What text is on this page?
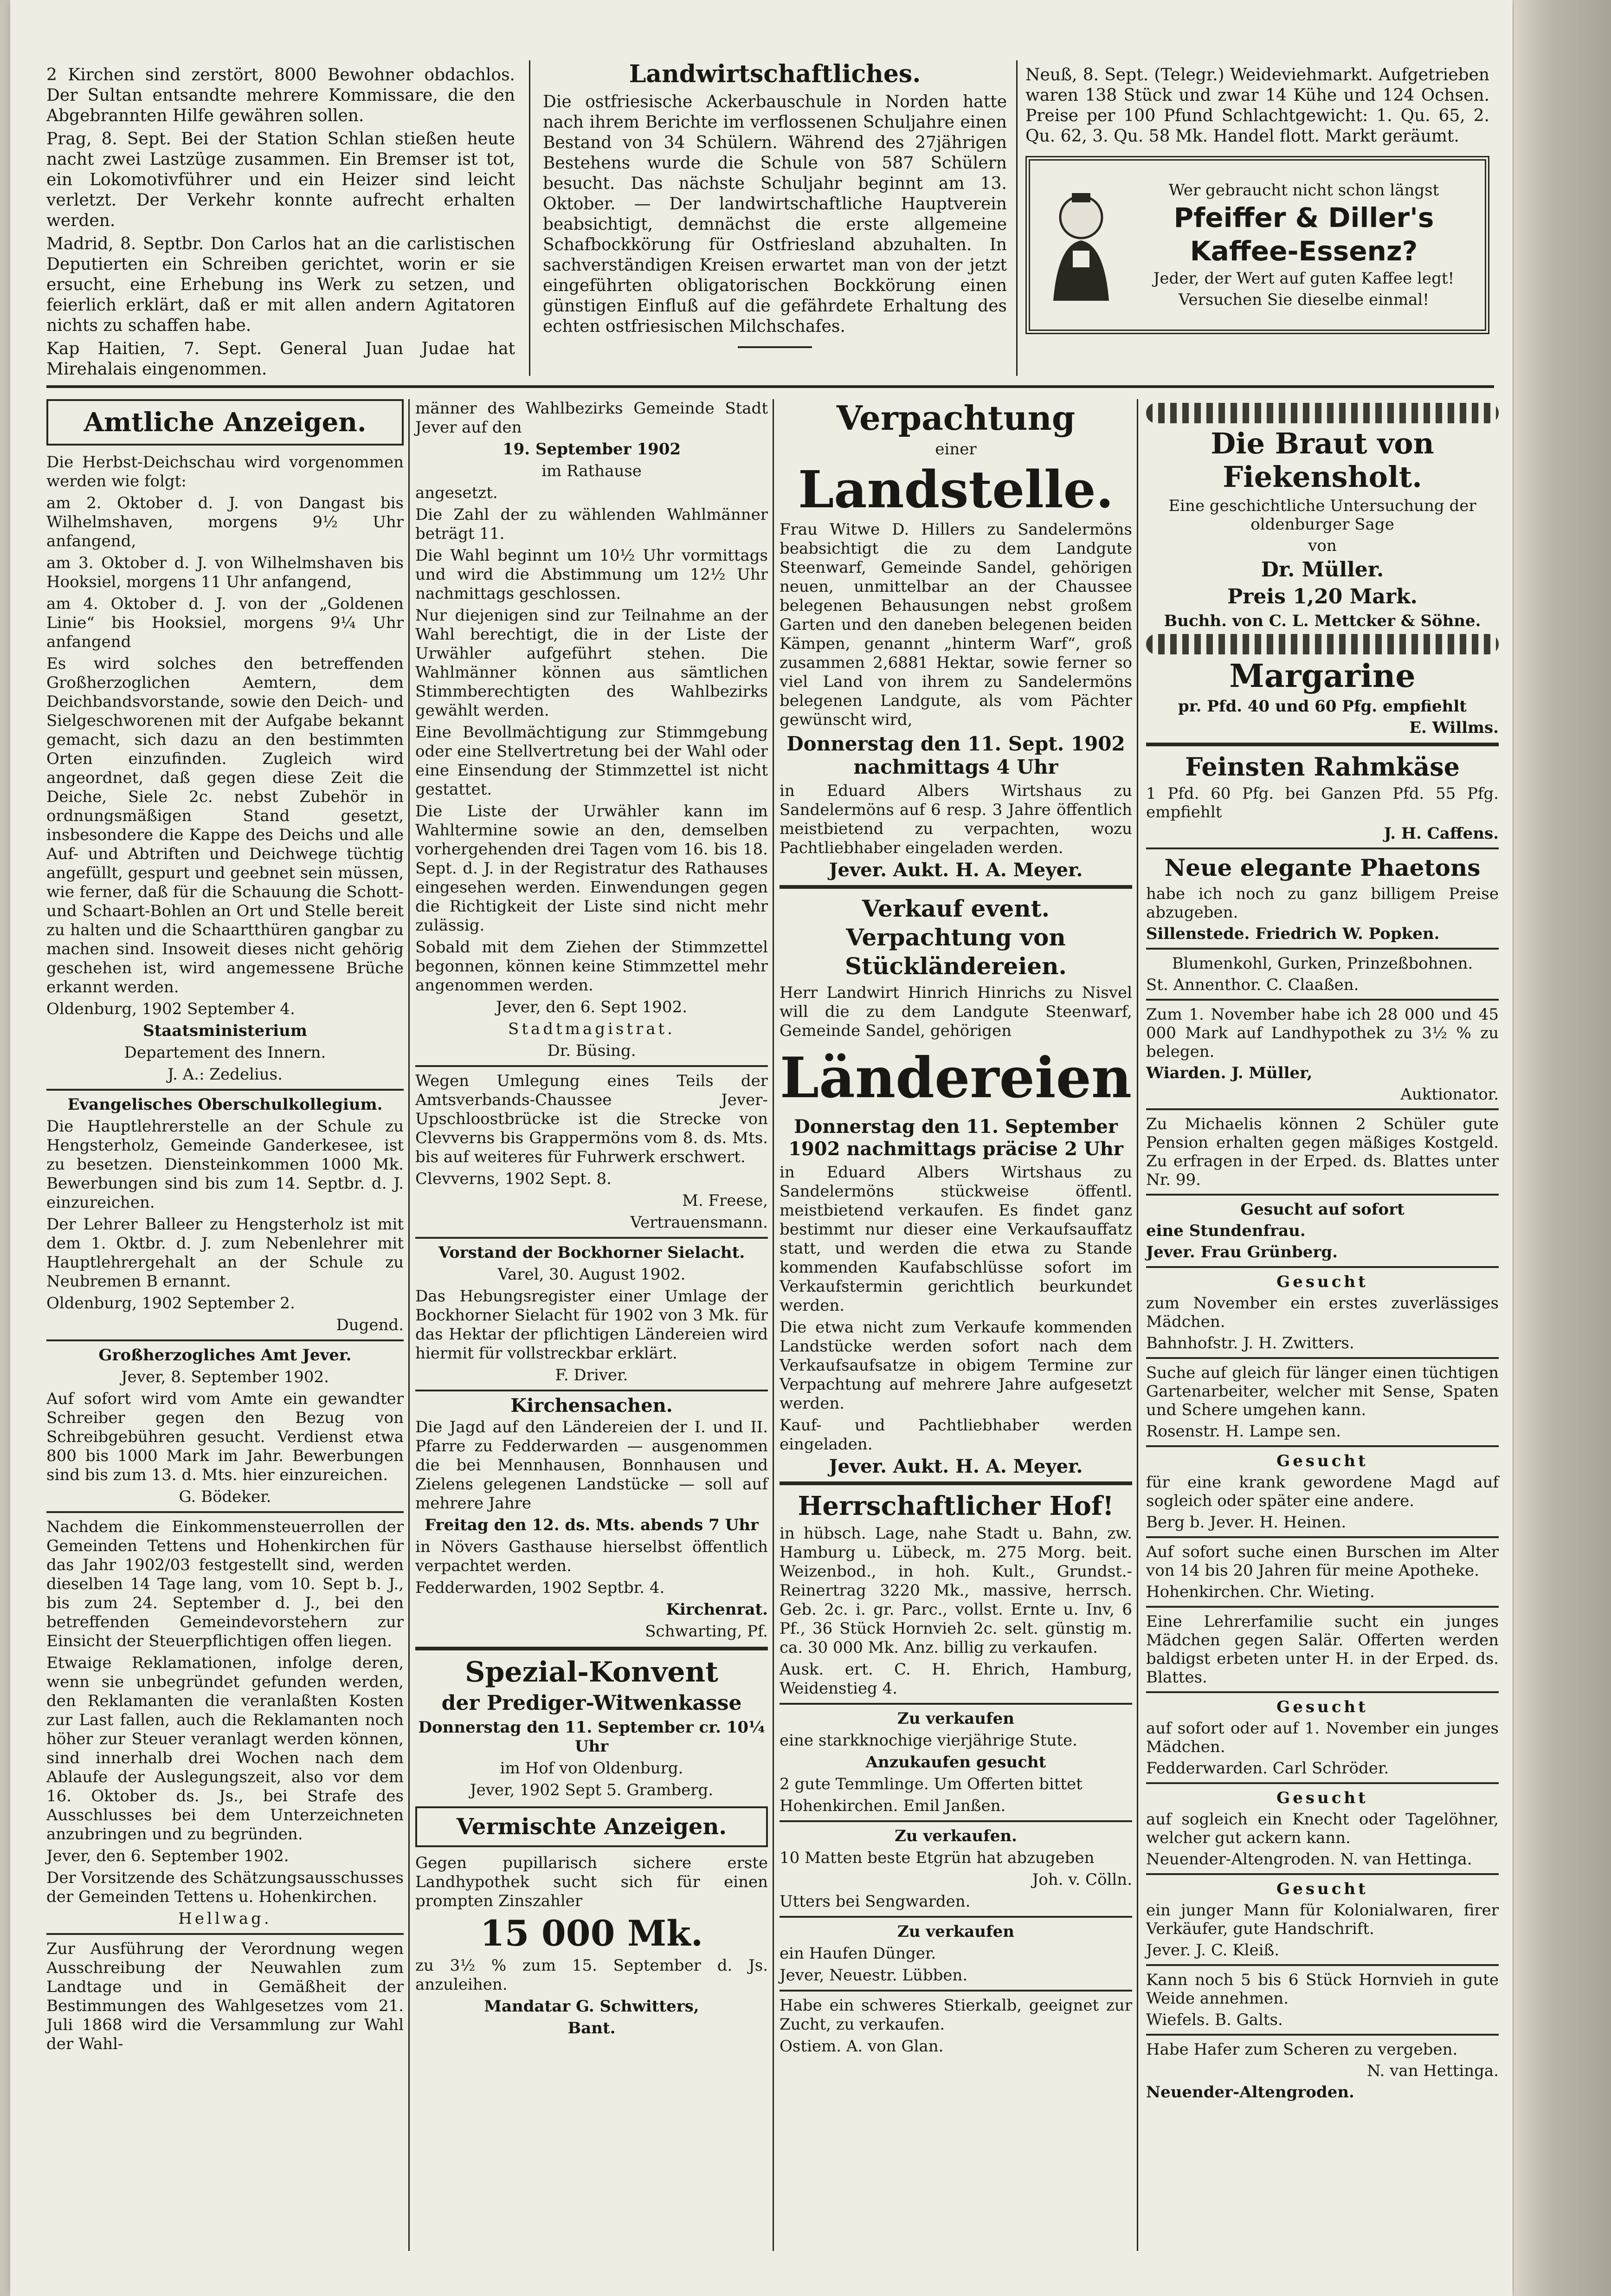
2 Kirchen sind zerstört, 8000 Bewohner obdachlos. Der Sultan entsandte mehrere Kommissare, die den Abgebrannten Hilfe gewähren sollen.

Prag, 8. Sept. Bei der Station Schlan stießen heute nacht zwei Lastzüge zusammen. Ein Bremser ist tot, ein Lokomotivführer und ein Heizer sind leicht verletzt. Der Verkehr konnte aufrecht erhalten werden.

Madrid, 8. Septbr. Don Carlos hat an die carlistischen Deputierten ein Schreiben gerichtet, worin er sie ersucht, eine Erhebung ins Werk zu setzen, und feierlich erklärt, daß er mit allen andern Agitatoren nichts zu schaffen habe.

Kap Haitien, 7. Sept. General Juan Judae hat Mirehalais eingenommen.

Landwirtschaftliches.

Die ostfriesische Ackerbauschule in Norden hatte nach ihrem Berichte im verflossenen Schuljahre einen Bestand von 34 Schülern. Während des 27jährigen Bestehens wurde die Schule von 587 Schülern besucht. Das nächste Schuljahr beginnt am 13. Oktober. — Der landwirtschaftliche Hauptverein beabsichtigt, demnächst die erste allgemeine Schafbockkörung für Ostfriesland abzuhalten. In sachverständigen Kreisen erwartet man von der jetzt eingeführten obligatorischen Bockkörung einen günstigen Einfluß auf die gefährdete Erhaltung des echten ostfriesischen Milchschafes.

Neuß, 8. Sept. (Telegr.) Weideviehmarkt. Aufgetrieben waren 138 Stück und zwar 14 Kühe und 124 Ochsen. Preise per 100 Pfund Schlachtgewicht: 1. Qu. 65, 2. Qu. 62, 3. Qu. 58 Mk. Handel flott. Markt geräumt.

Wer gebraucht nicht schon längst
Pfeiffer & Diller's
Kaffee-Essenz?
Jeder, der Wert auf guten Kaffee legt!
Versuchen Sie dieselbe einmal!
Amtliche Anzeigen.

Die Herbst-Deichschau wird vorgenommen werden wie folgt:

am 2. Oktober d. J. von Dangast bis Wilhelmshaven, morgens 9½ Uhr anfangend,

am 3. Oktober d. J. von Wilhelmshaven bis Hooksiel, morgens 11 Uhr anfangend,

am 4. Oktober d. J. von der „Goldenen Linie“ bis Hooksiel, morgens 9¼ Uhr anfangend

Es wird solches den betreffenden Großherzoglichen Aemtern, dem Deichbandsvorstande, sowie den Deich- und Sielgeschworenen mit der Aufgabe bekannt gemacht, sich dazu an den bestimmten Orten einzufinden. Zugleich wird angeordnet, daß gegen diese Zeit die Deiche, Siele 2c. nebst Zubehör in ordnungsmäßigen Stand gesetzt, insbesondere die Kappe des Deichs und alle Auf- und Abtriften und Deichwege tüchtig angefüllt, gespurt und geebnet sein müssen, wie ferner, daß für die Schauung die Schott- und Schaart-Bohlen an Ort und Stelle bereit zu halten und die Schaartthüren gangbar zu machen sind. Insoweit dieses nicht gehörig geschehen ist, wird angemessene Brüche erkannt werden.

Oldenburg, 1902 September 4.

Staatsministerium

Departement des Innern.

J. A.: Zedelius.

Evangelisches Oberschulkollegium.

Die Hauptlehrerstelle an der Schule zu Hengsterholz, Gemeinde Ganderkesee, ist zu besetzen. Diensteinkommen 1000 Mk. Bewerbungen sind bis zum 14. Septbr. d. J. einzureichen.

Der Lehrer Balleer zu Hengsterholz ist mit dem 1. Oktbr. d. J. zum Nebenlehrer mit Hauptlehrergehalt an der Schule zu Neubremen B ernannt.

Oldenburg, 1902 September 2.

Dugend.

Großherzogliches Amt Jever.

Jever, 8. September 1902.

Auf sofort wird vom Amte ein gewandter Schreiber gegen den Bezug von Schreibgebühren gesucht. Verdienst etwa 800 bis 1000 Mark im Jahr. Bewerbungen sind bis zum 13. d. Mts. hier einzureichen.

G. Bödeker.

Nachdem die Einkommensteuerrollen der Gemeinden Tettens und Hohenkirchen für das Jahr 1902/03 festgestellt sind, werden dieselben 14 Tage lang, vom 10. Sept b. J., bis zum 24. September d. J., bei den betreffenden Gemeindevorstehern zur Einsicht der Steuerpflichtigen offen liegen.

Etwaige Reklamationen, infolge deren, wenn sie unbegründet gefunden werden, den Reklamanten die veranlaßten Kosten zur Last fallen, auch die Reklamanten noch höher zur Steuer veranlagt werden können, sind innerhalb drei Wochen nach dem Ablaufe der Auslegungszeit, also vor dem 16. Oktober ds. Js., bei Strafe des Ausschlusses bei dem Unterzeichneten anzubringen und zu begründen.

Jever, den 6. September 1902.

Der Vorsitzende des Schätzungsausschusses der Gemeinden Tettens u. Hohenkirchen.

Hellwag.

Zur Ausführung der Verordnung wegen Ausschreibung der Neuwahlen zum Landtage und in Gemäßheit der Bestimmungen des Wahlgesetzes vom 21. Juli 1868 wird die Versammlung zur Wahl der Wahl-

männer des Wahlbezirks Gemeinde Stadt Jever auf den

19. September 1902

im Rathause

angesetzt.

Die Zahl der zu wählenden Wahlmänner beträgt 11.

Die Wahl beginnt um 10½ Uhr vormittags und wird die Abstimmung um 12½ Uhr nachmittags geschlossen.

Nur diejenigen sind zur Teilnahme an der Wahl berechtigt, die in der Liste der Urwähler aufgeführt stehen. Die Wahlmänner können aus sämtlichen Stimmberechtigten des Wahlbezirks gewählt werden.

Eine Bevollmächtigung zur Stimmgebung oder eine Stellvertretung bei der Wahl oder eine Einsendung der Stimmzettel ist nicht gestattet.

Die Liste der Urwähler kann im Wahltermine sowie an den, demselben vorhergehenden drei Tagen vom 16. bis 18. Sept. d. J. in der Registratur des Rathauses eingesehen werden. Einwendungen gegen die Richtigkeit der Liste sind nicht mehr zulässig.

Sobald mit dem Ziehen der Stimmzettel begonnen, können keine Stimmzettel mehr angenommen werden.

Jever, den 6. Sept 1902.

Stadtmagistrat.

Dr. Büsing.

Wegen Umlegung eines Teils der Amtsverbands-Chaussee Jever-Upschloostbrücke ist die Strecke von Clevverns bis Grappermöns vom 8. ds. Mts. bis auf weiteres für Fuhrwerk erschwert.

Clevverns, 1902 Sept. 8.

M. Freese,

Vertrauensmann.

Vorstand der Bockhorner Sielacht.

Varel, 30. August 1902.

Das Hebungsregister einer Umlage der Bockhorner Sielacht für 1902 von 3 Mk. für das Hektar der pflichtigen Ländereien wird hiermit für vollstreckbar erklärt.

F. Driver.

Kirchensachen.

Die Jagd auf den Ländereien der I. und II. Pfarre zu Fedderwarden — ausgenommen die bei Mennhausen, Bonnhausen und Zielens gelegenen Landstücke — soll auf mehrere Jahre

Freitag den 12. ds. Mts. abends 7 Uhr

in Növers Gasthause hierselbst öffentlich verpachtet werden.

Fedderwarden, 1902 Septbr. 4.

Kirchenrat.

Schwarting, Pf.

Spezial-Konvent

der Prediger-Witwenkasse

Donnerstag den 11. September cr. 10¼ Uhr

im Hof von Oldenburg.

Jever, 1902 Sept 5. Gramberg.

Vermischte Anzeigen.

Gegen pupillarisch sichere erste Landhypothek sucht sich für einen prompten Zinszahler

15 000 Mk.

zu 3½ % zum 15. September d. Js. anzuleihen.

Mandatar G. Schwitters,

Bant.

Verpachtung

einer

Landstelle.

Frau Witwe D. Hillers zu Sandelermöns beabsichtigt die zu dem Landgute Steenwarf, Gemeinde Sandel, gehörigen neuen, unmittelbar an der Chaussee belegenen Behausungen nebst großem Garten und den daneben belegenen beiden Kämpen, genannt „hinterm Warf“, groß zusammen 2,6881 Hektar, sowie ferner so viel Land von ihrem zu Sandelermöns belegenen Landgute, als vom Pächter gewünscht wird,

Donnerstag den 11. Sept. 1902 nachmittags 4 Uhr

in Eduard Albers Wirtshaus zu Sandelermöns auf 6 resp. 3 Jahre öffentlich meistbietend zu verpachten, wozu Pachtliebhaber eingeladen werden.

Jever. Aukt. H. A. Meyer.

Verkauf event. Verpachtung von Stückländereien.

Herr Landwirt Hinrich Hinrichs zu Nisvel will die zu dem Landgute Steenwarf, Gemeinde Sandel, gehörigen

Ländereien

Donnerstag den 11. September 1902 nachmittags präcise 2 Uhr

in Eduard Albers Wirtshaus zu Sandelermöns stückweise öffentl. meistbietend verkaufen. Es findet ganz bestimmt nur dieser eine Verkaufsauffatz statt, und werden die etwa zu Stande kommenden Kaufabschlüsse sofort im Verkaufstermin gerichtlich beurkundet werden.

Die etwa nicht zum Verkaufe kommenden Landstücke werden sofort nach dem Verkaufsaufsatze in obigem Termine zur Verpachtung auf mehrere Jahre aufgesetzt werden.

Kauf- und Pachtliebhaber werden eingeladen.

Jever. Aukt. H. A. Meyer.

Herrschaftlicher Hof!

in hübsch. Lage, nahe Stadt u. Bahn, zw. Hamburg u. Lübeck, m. 275 Morg. beit. Weizenbod., in hoh. Kult., Grundst.-Reinertrag 3220 Mk., massive, herrsch. Geb. 2c. i. gr. Parc., vollst. Ernte u. Inv, 6 Pf., 36 Stück Hornvieh 2c. selt. günstig m. ca. 30 000 Mk. Anz. billig zu verkaufen.

Ausk. ert. C. H. Ehrich, Hamburg, Weidenstieg 4.

Zu verkaufen

eine starkknochige vierjährige Stute.

Anzukaufen gesucht

2 gute Temmlinge. Um Offerten bittet

Hohenkirchen. Emil Janßen.

Zu verkaufen.

10 Matten beste Etgrün hat abzugeben

Joh. v. Cölln.

Utters bei Sengwarden.

Zu verkaufen

ein Haufen Dünger.

Jever, Neuestr. Lübben.

Habe ein schweres Stierkalb, geeignet zur Zucht, zu verkaufen.

Ostiem. A. von Glan.

Die Braut von Fiekensholt.

Eine geschichtliche Untersuchung der oldenburger Sage

von

Dr. Müller.

Preis 1,20 Mark.

Buchh. von C. L. Mettcker & Söhne.

Margarine

pr. Pfd. 40 und 60 Pfg. empfiehlt

E. Willms.

Feinsten Rahmkäse

1 Pfd. 60 Pfg. bei Ganzen Pfd. 55 Pfg. empfiehlt

J. H. Caffens.

Neue elegante Phaetons

habe ich noch zu ganz billigem Preise abzugeben.

Sillenstede. Friedrich W. Popken.

Blumenkohl, Gurken, Prinzeßbohnen.

St. Annenthor. C. Claaßen.

Zum 1. November habe ich 28 000 und 45 000 Mark auf Landhypothek zu 3½ % zu belegen.

Wiarden. J. Müller,

Auktionator.

Zu Michaelis können 2 Schüler gute Pension erhalten gegen mäßiges Kostgeld. Zu erfragen in der Erped. ds. Blattes unter Nr. 99.

Gesucht auf sofort

eine Stundenfrau.

Jever. Frau Grünberg.

Gesucht

zum November ein erstes zuverlässiges Mädchen.

Bahnhofstr. J. H. Zwitters.

Suche auf gleich für länger einen tüchtigen Gartenarbeiter, welcher mit Sense, Spaten und Schere umgehen kann.

Rosenstr. H. Lampe sen.

Gesucht

für eine krank gewordene Magd auf sogleich oder später eine andere.

Berg b. Jever. H. Heinen.

Auf sofort suche einen Burschen im Alter von 14 bis 20 Jahren für meine Apotheke.

Hohenkirchen. Chr. Wieting.

Eine Lehrerfamilie sucht ein junges Mädchen gegen Salär. Offerten werden baldigst erbeten unter H. in der Erped. ds. Blattes.

Gesucht

auf sofort oder auf 1. November ein junges Mädchen.

Fedderwarden. Carl Schröder.

Gesucht

auf sogleich ein Knecht oder Tagelöhner, welcher gut ackern kann.

Neuender-Altengroden. N. van Hettinga.

Gesucht

ein junger Mann für Kolonialwaren, firer Verkäufer, gute Handschrift.

Jever. J. C. Kleiß.

Kann noch 5 bis 6 Stück Hornvieh in gute Weide annehmen.

Wiefels. B. Galts.

Habe Hafer zum Scheren zu vergeben.

N. van Hettinga.

Neuender-Altengroden.
